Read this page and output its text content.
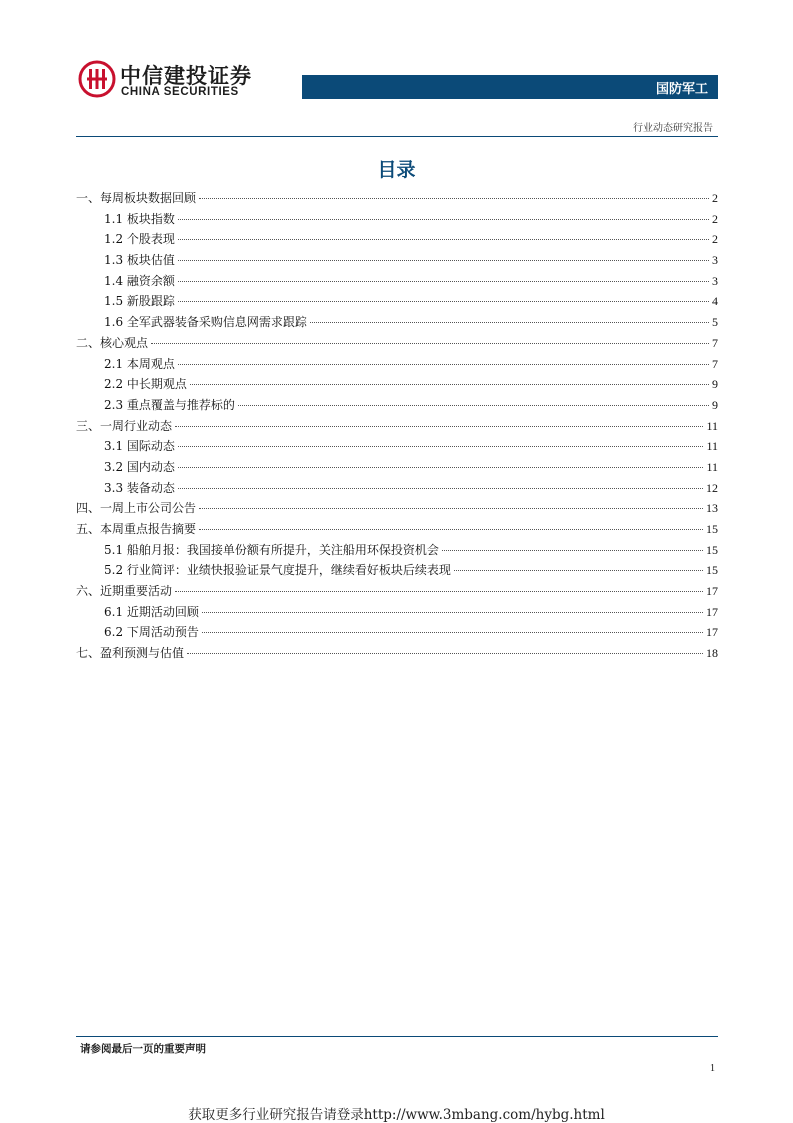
中信建投证券
CHINA SECURITIES	国防军工
行业动态研究报告
目录
一、每周板块数据回顾	2
1.1 板块指数	2
1.2 个股表现	2
1.3 板块估值	3
1.4 融资余额	3
1.5 新股跟踪	4
1.6 全军武器装备采购信息网需求跟踪	5
二、核心观点	7
2.1 本周观点	7
2.2 中长期观点	9
2.3 重点覆盖与推荐标的	9
三、一周行业动态	11
3.1 国际动态	11
3.2 国内动态	11
3.3 装备动态	12
四、一周上市公司公告	13
五、本周重点报告摘要	15
5.1 船舶月报：我国接单份额有所提升，关注船用环保投资机会	15
5.2 行业简评：业绩快报验证景气度提升，继续看好板块后续表现	15
六、近期重要活动	17
6.1 近期活动回顾	17
6.2 下周活动预告	17
七、盈利预测与估值	18
请参阅最后一页的重要声明
1
获取更多行业研究报告请登录http://www.3mbang.com/hybg.html
